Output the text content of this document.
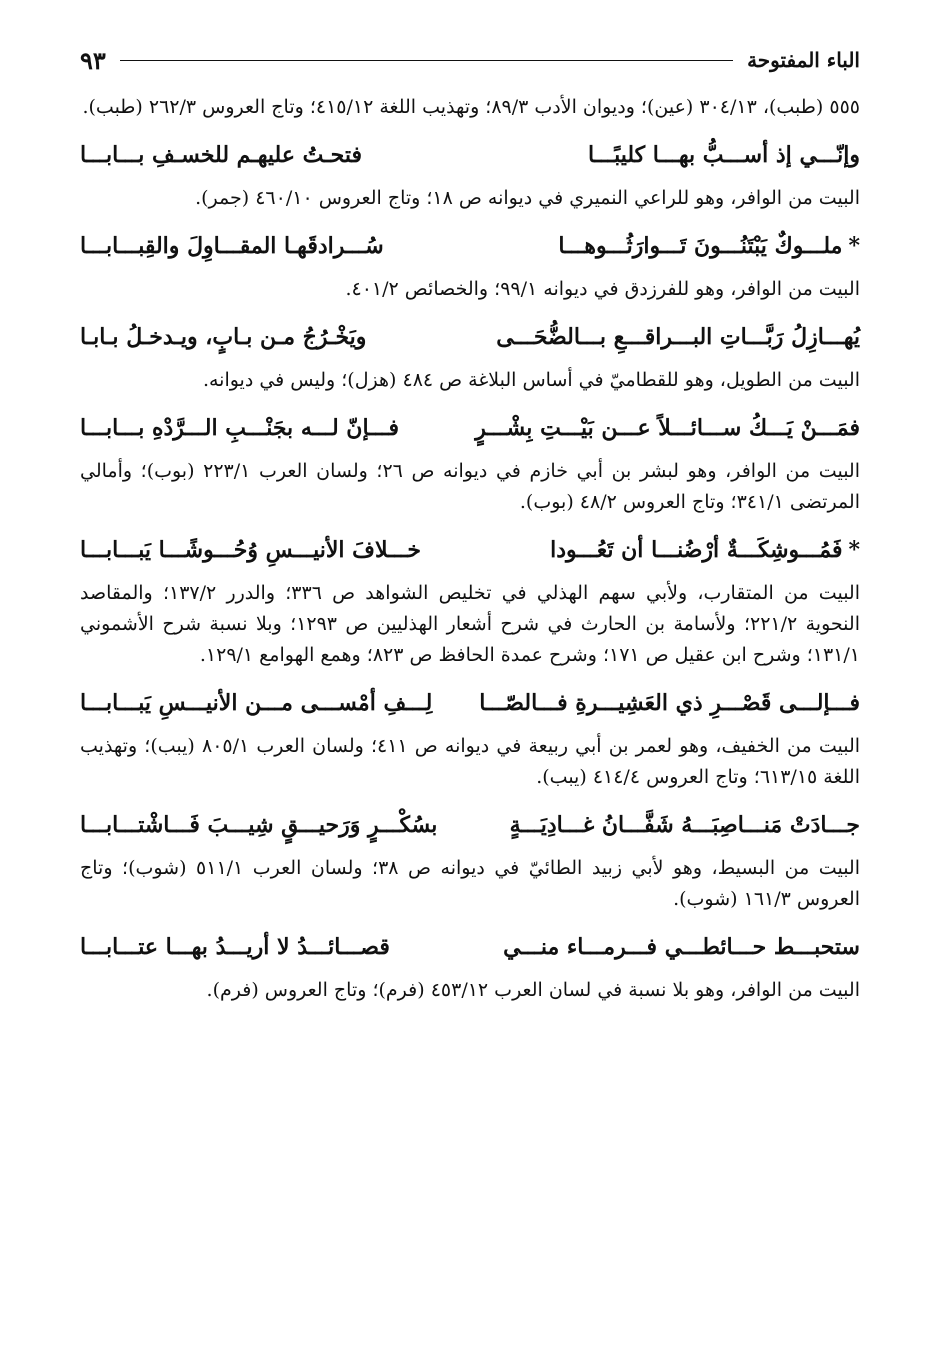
الباء المفتوحة
٩٣

٥٥٥ (طبب)، ٣٠٤/١٣ (عين)؛ وديوان الأدب ٨٩/٣؛ وتهذيب اللغة ٤١٥/١٢؛ وتاج العروس ٢٦٢/٣ (طبب).

وإنّـــي إذ أســـبُّ بهـــا كليبًـــا
فتحـتُ عليهـم للخسـفِ بـــابـــا

البيت من الوافر، وهو للراعي النميري في ديوانه ص ١٨؛ وتاج العروس ٤٦٠/١٠ (جمر).

*ملـــوكٌ يَبْتَنُـــونَ تَـــوارَثُـــوهـــا
سُـــرادقَهـا المقـــاوِلَ والقِبـــابـــا

البيت من الوافر، وهو للفرزدق في ديوانه ٩٩/١؛ والخصائص ٤٠١/٢.

يُهـــازِلُ رَبَّـــاتِ البـــراقـــعِ بـــالضُّحَـــى
ويَخْـرُجُ مـن بـابٍ، ويـدخـلُ بـابـا

البيت من الطويل، وهو للقطاميّ في أساس البلاغة ص ٤٨٤ (هزل)؛ وليس في ديوانه.

فمَـــنْ يَـــكُ ســـائـــلاً عـــن بَيْـــتِ بِشْـــرٍ
فـــإنّ لـــه بجَنْـــبِ الـــرَّدْهِ بـــابـــا

البيت من الوافر، وهو لبشر بن أبي خازم في ديوانه ص ٢٦؛ ولسان العرب ٢٢٣/١ (بوب)؛ وأمالي المرتضى ٣٤١/١؛ وتاج العروس ٤٨/٢ (بوب).

*فَمُـــوشِكَـــةٌ أرْضُنـــا أن تَعُـــودا
خـــلافَ الأنيـــسِ وُحُـــوشًـــا يَبـــابـــا

البيت من المتقارب، ولأبي سهم الهذلي في تخليص الشواهد ص ٣٣٦؛ والدرر ١٣٧/٢؛ والمقاصد النحوية ٢٢١/٢؛ ولأسامة بن الحارث في شرح أشعار الهذليين ص ١٢٩٣؛ وبلا نسبة شرح الأشموني ١٣١/١؛ وشرح ابن عقيل ص ١٧١؛ وشرح عمدة الحافظ ص ٨٢٣؛ وهمع الهوامع ١٢٩/١.

فـــإلـــى قَصْـــرِ ذي العَشِيـــرةِ فـــالصّـــا
لِـــفِ أمْســـى مـــن الأنيـــسِ يَبـــابـــا

البيت من الخفيف، وهو لعمر بن أبي ربيعة في ديوانه ص ٤١١؛ ولسان العرب ٨٠٥/١ (يبب)؛ وتهذيب اللغة ٦١٣/١٥؛ وتاج العروس ٤١٤/٤ (يبب).

جـــادَتْ مَنـــاصِبَـــهُ شَفَّـــانُ غـــادِيَـــةٍ
بسُكْـــرٍ وَرَحيـــقٍ شِيـــبَ فَـــاشْتـــابـــا

البيت من البسيط، وهو لأبي زبيد الطائيّ في ديوانه ص ٣٨؛ ولسان العرب ٥١١/١ (شوب)؛ وتاج العروس ١٦١/٣ (شوب).

ستحبـــط حـــائطـــي فـــرمـــاء منـــي
قصـــائـــدُ لا أريـــدُ بهـــا عتـــابـــا

البيت من الوافر، وهو بلا نسبة في لسان العرب ٤٥٣/١٢ (فرم)؛ وتاج العروس (فرم).
